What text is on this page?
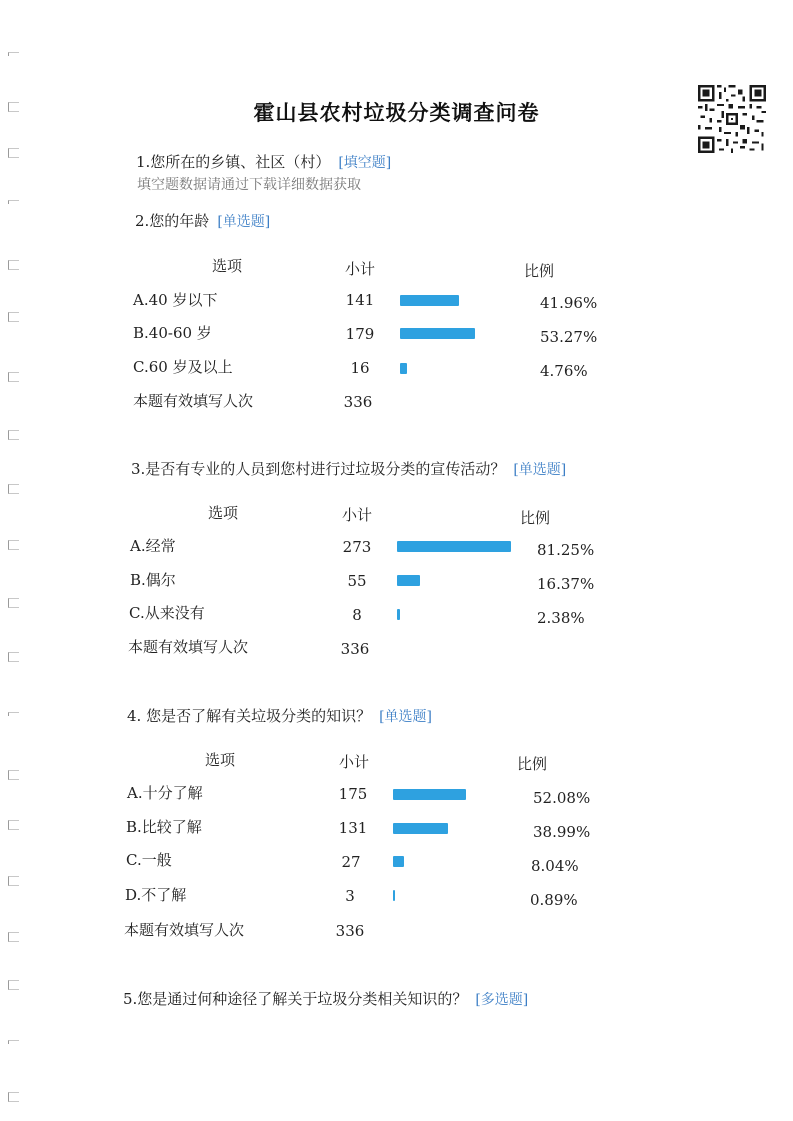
霍山县农村垃圾分类调查问卷
1.您所在的乡镇、社区（村） [填空题]
填空题数据请通过下载详细数据获取
2.您的年龄 [单选题]
选项	小计	比例
A.40 岁以下	141	41.96%
B.40-60 岁	179	53.27%
C.60 岁及以上	16	4.76%
本题有效填写人次	336
3.是否有专业的人员到您村进行过垃圾分类的宣传活动？ [单选题]
选项	小计	比例
A.经常	273	81.25%
B.偶尔	55	16.37%
C.从来没有	8	2.38%
本题有效填写人次	336
4. 您是否了解有关垃圾分类的知识？ [单选题]
选项	小计	比例
A.十分了解	175	52.08%
B.比较了解	131	38.99%
C.一般	27	8.04%
D.不了解	3	0.89%
本题有效填写人次	336
5.您是通过何种途径了解关于垃圾分类相关知识的？ [多选题]
